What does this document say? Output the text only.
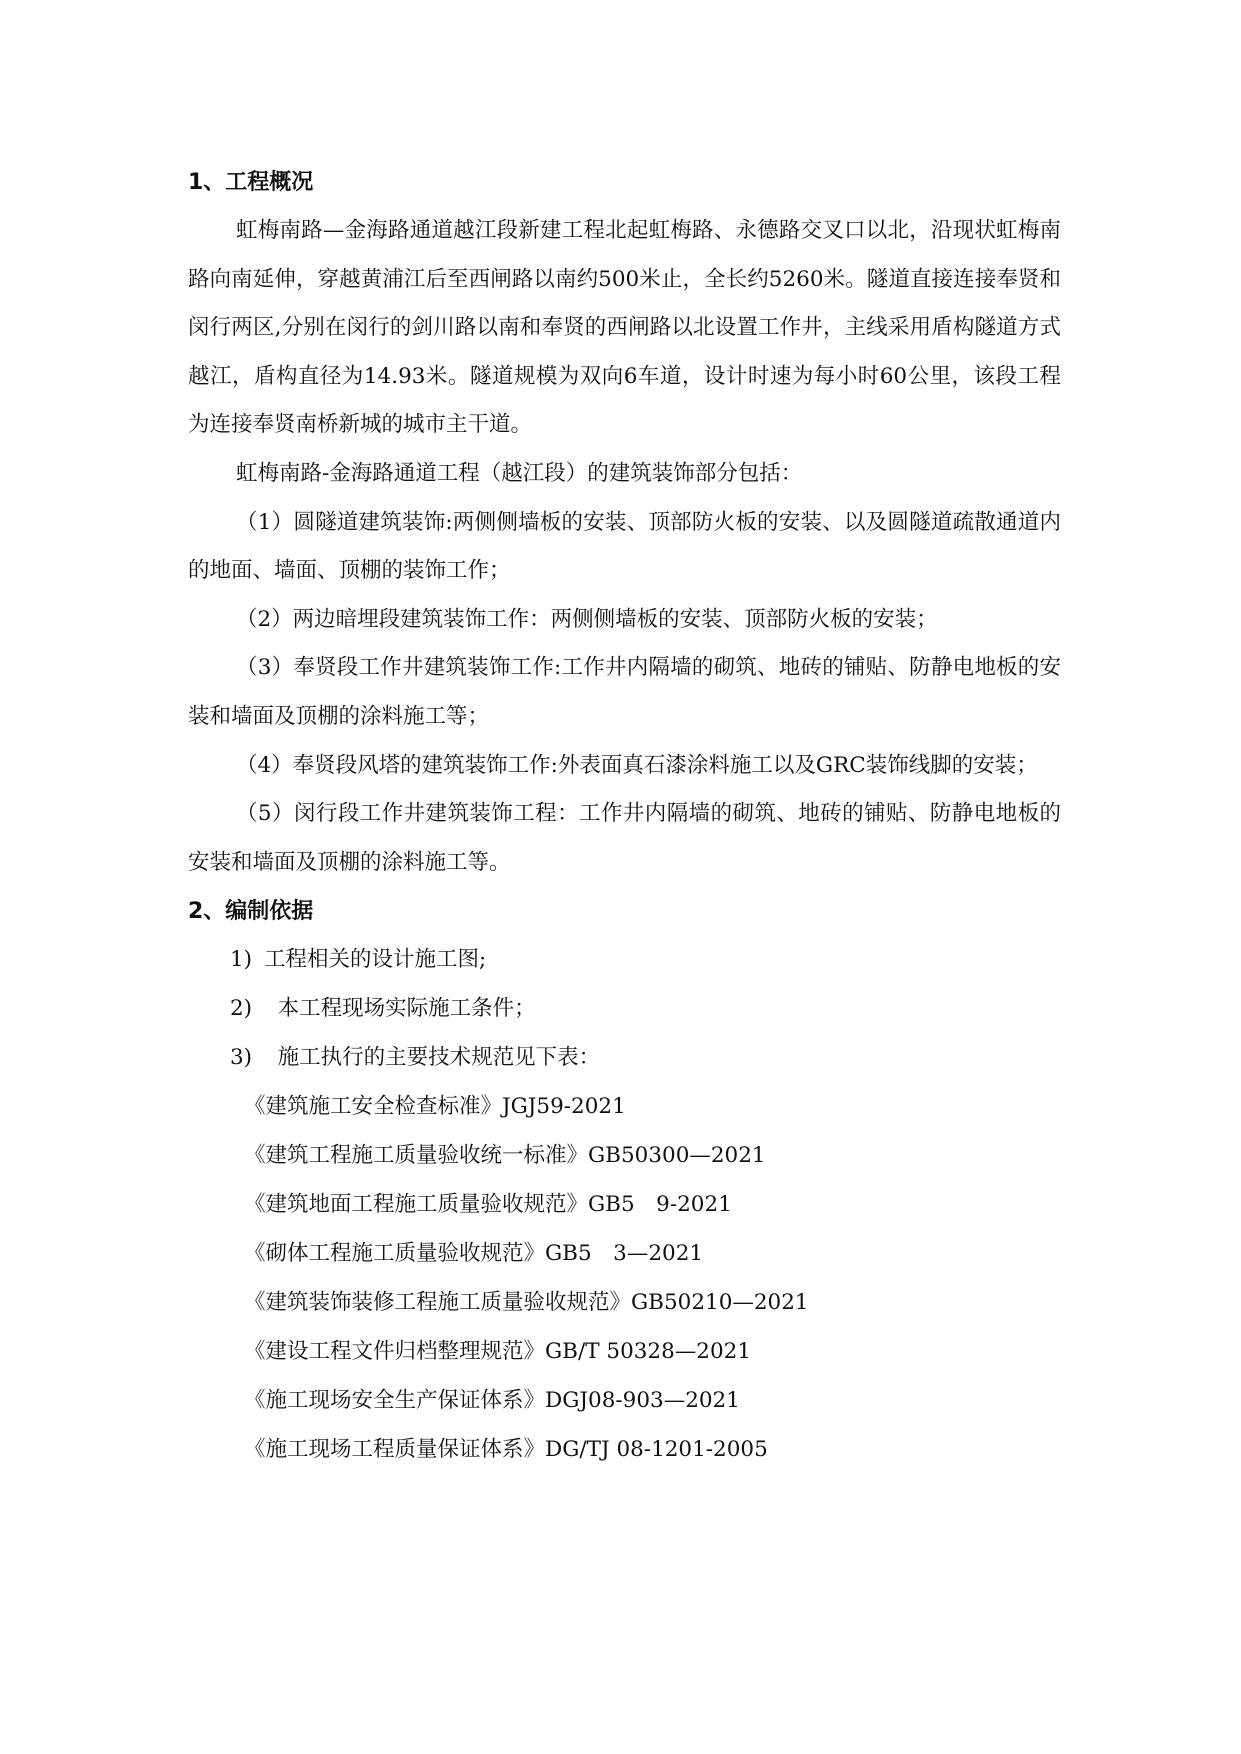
1、工程概况

虹梅南路—金海路通道越江段新建工程北起虹梅路、永德路交叉口以北，沿现状虹梅南路向南延伸，穿越黄浦江后至西闸路以南约500米止，全长约5260米。隧道直接连接奉贤和闵行两区,分别在闵行的剑川路以南和奉贤的西闸路以北设置工作井，主线采用盾构隧道方式越江，盾构直径为14.93米。隧道规模为双向6车道，设计时速为每小时60公里，该段工程为连接奉贤南桥新城的城市主干道。

虹梅南路-金海路通道工程（越江段）的建筑装饰部分包括：

（1）圆隧道建筑装饰:两侧侧墙板的安装、顶部防火板的安装、以及圆隧道疏散通道内的地面、墙面、顶棚的装饰工作；

（2）两边暗埋段建筑装饰工作：两侧侧墙板的安装、顶部防火板的安装；

（3）奉贤段工作井建筑装饰工作:工作井内隔墙的砌筑、地砖的铺贴、防静电地板的安装和墙面及顶棚的涂料施工等；

（4）奉贤段风塔的建筑装饰工作:外表面真石漆涂料施工以及GRC装饰线脚的安装；

（5）闵行段工作井建筑装饰工程：工作井内隔墙的砌筑、地砖的铺贴、防静电地板的安装和墙面及顶棚的涂料施工等。

2、编制依据

1) 工程相关的设计施工图;

2) 本工程现场实际施工条件；

3) 施工执行的主要技术规范见下表：

《建筑施工安全检查标准》JGJ59-2021

《建筑工程施工质量验收统一标准》GB50300—2021

《建筑地面工程施工质量验收规范》GB5　9-2021

《砌体工程施工质量验收规范》GB5　3—2021

《建筑装饰装修工程施工质量验收规范》GB50210—2021

《建设工程文件归档整理规范》GB/T 50328—2021

《施工现场安全生产保证体系》DGJ08-903—2021

《施工现场工程质量保证体系》DG/TJ 08-1201-2005
